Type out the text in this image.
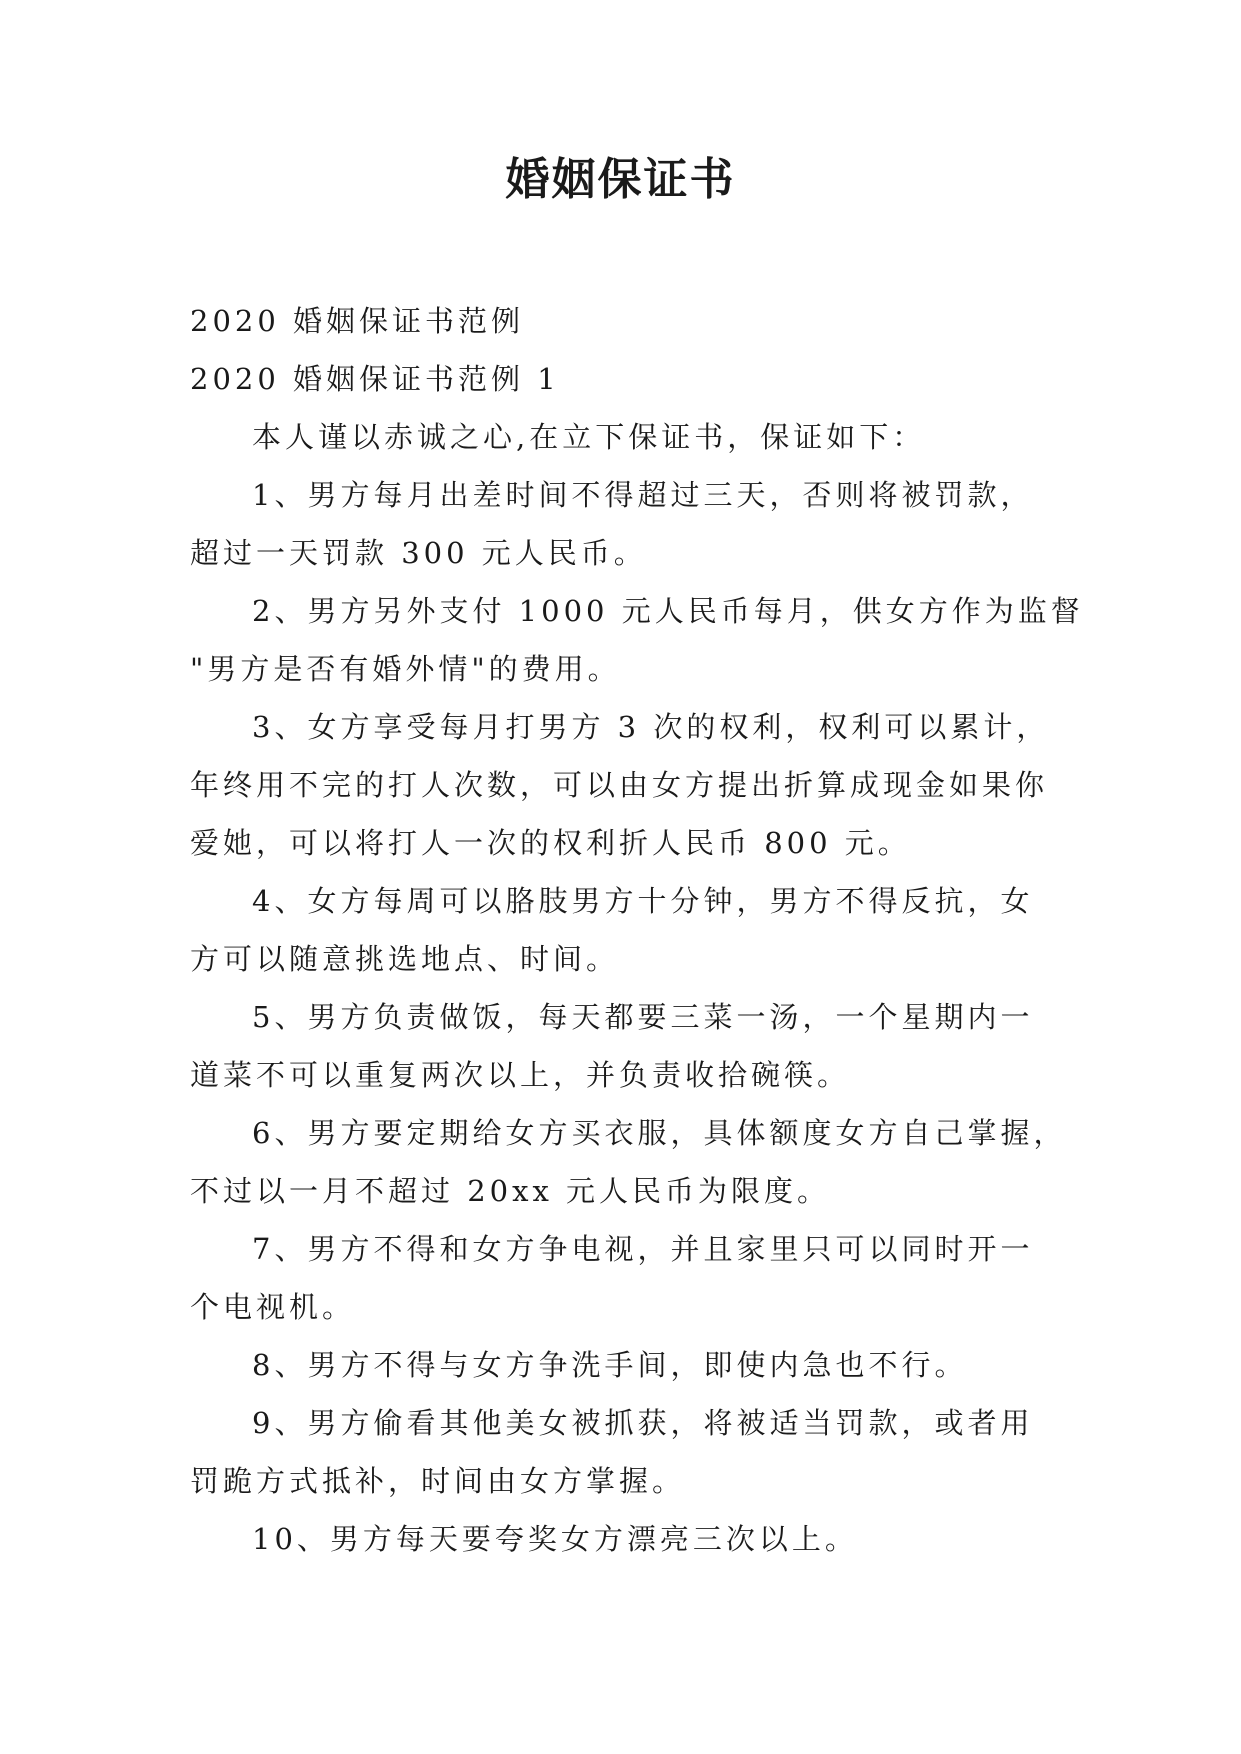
婚姻保证书
2020 婚姻保证书范例
2020 婚姻保证书范例 1
本人谨以赤诚之心,在立下保证书，保证如下：
1、男方每月出差时间不得超过三天，否则将被罚款，
超过一天罚款 300 元人民币。
2、男方另外支付 1000 元人民币每月，供女方作为监督
"男方是否有婚外情"的费用。
3、女方享受每月打男方 3 次的权利，权利可以累计，
年终用不完的打人次数，可以由女方提出折算成现金如果你
爱她，可以将打人一次的权利折人民币 800 元。
4、女方每周可以胳肢男方十分钟，男方不得反抗，女
方可以随意挑选地点、时间。
5、男方负责做饭，每天都要三菜一汤，一个星期内一
道菜不可以重复两次以上，并负责收拾碗筷。
6、男方要定期给女方买衣服，具体额度女方自己掌握，
不过以一月不超过 20xx 元人民币为限度。
7、男方不得和女方争电视，并且家里只可以同时开一
个电视机。
8、男方不得与女方争洗手间，即使内急也不行。
9、男方偷看其他美女被抓获，将被适当罚款，或者用
罚跪方式抵补，时间由女方掌握。
10、男方每天要夸奖女方漂亮三次以上。
